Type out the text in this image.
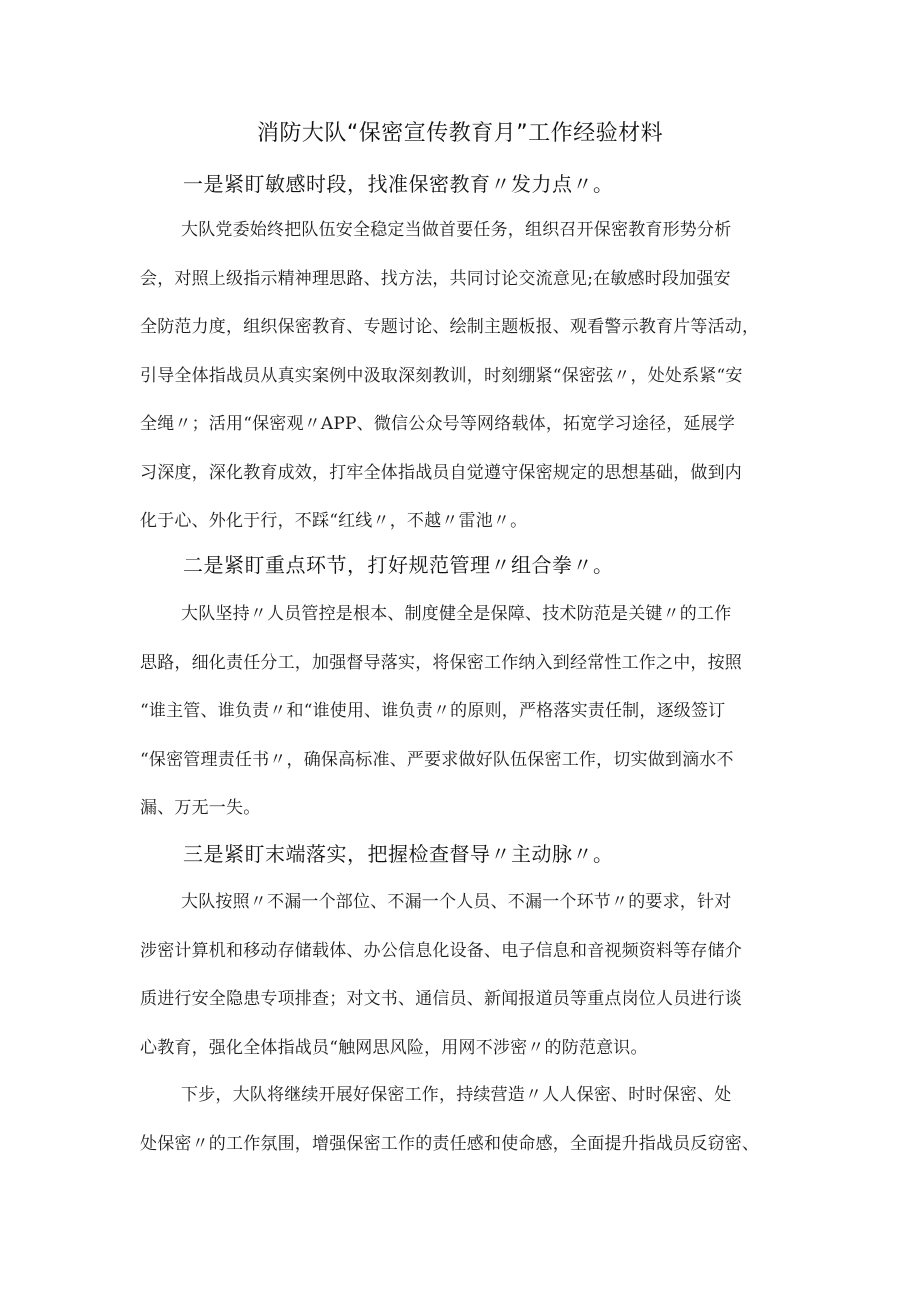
消防大队“保密宣传教育月”工作经验材料
一是紧盯敏感时段，找准保密教育〃发力点〃。
大队党委始终把队伍安全稳定当做首要任务，组织召开保密教育形势分析
会，对照上级指示精神理思路、找方法，共同讨论交流意见;在敏感时段加强安
全防范力度，组织保密教育、专题讨论、绘制主题板报、观看警示教育片等活动，
引导全体指战员从真实案例中汲取深刻教训，时刻绷紧“保密弦〃，处处系紧“安
全绳〃；活用“保密观〃APP、微信公众号等网络载体，拓宽学习途径，延展学
习深度，深化教育成效，打牢全体指战员自觉遵守保密规定的思想基础，做到内
化于心、外化于行，不踩“红线〃，不越〃雷池〃。
二是紧盯重点环节，打好规范管理〃组合拳〃。
大队坚持〃人员管控是根本、制度健全是保障、技术防范是关键〃的工作
思路，细化责任分工，加强督导落实，将保密工作纳入到经常性工作之中，按照
“谁主管、谁负责〃和“谁使用、谁负责〃的原则，严格落实责任制，逐级签订
“保密管理责任书〃，确保高标准、严要求做好队伍保密工作，切实做到滴水不
漏、万无一失。
三是紧盯末端落实，把握检查督导〃主动脉〃。
大队按照〃不漏一个部位、不漏一个人员、不漏一个环节〃的要求，针对
涉密计算机和移动存储载体、办公信息化设备、电子信息和音视频资料等存储介
质进行安全隐患专项排查；对文书、通信员、新闻报道员等重点岗位人员进行谈
心教育，强化全体指战员“触网思风险，用网不涉密〃的防范意识。
下步，大队将继续开展好保密工作，持续营造〃人人保密、时时保密、处
处保密〃的工作氛围，增强保密工作的责任感和使命感，全面提升指战员反窃密、
